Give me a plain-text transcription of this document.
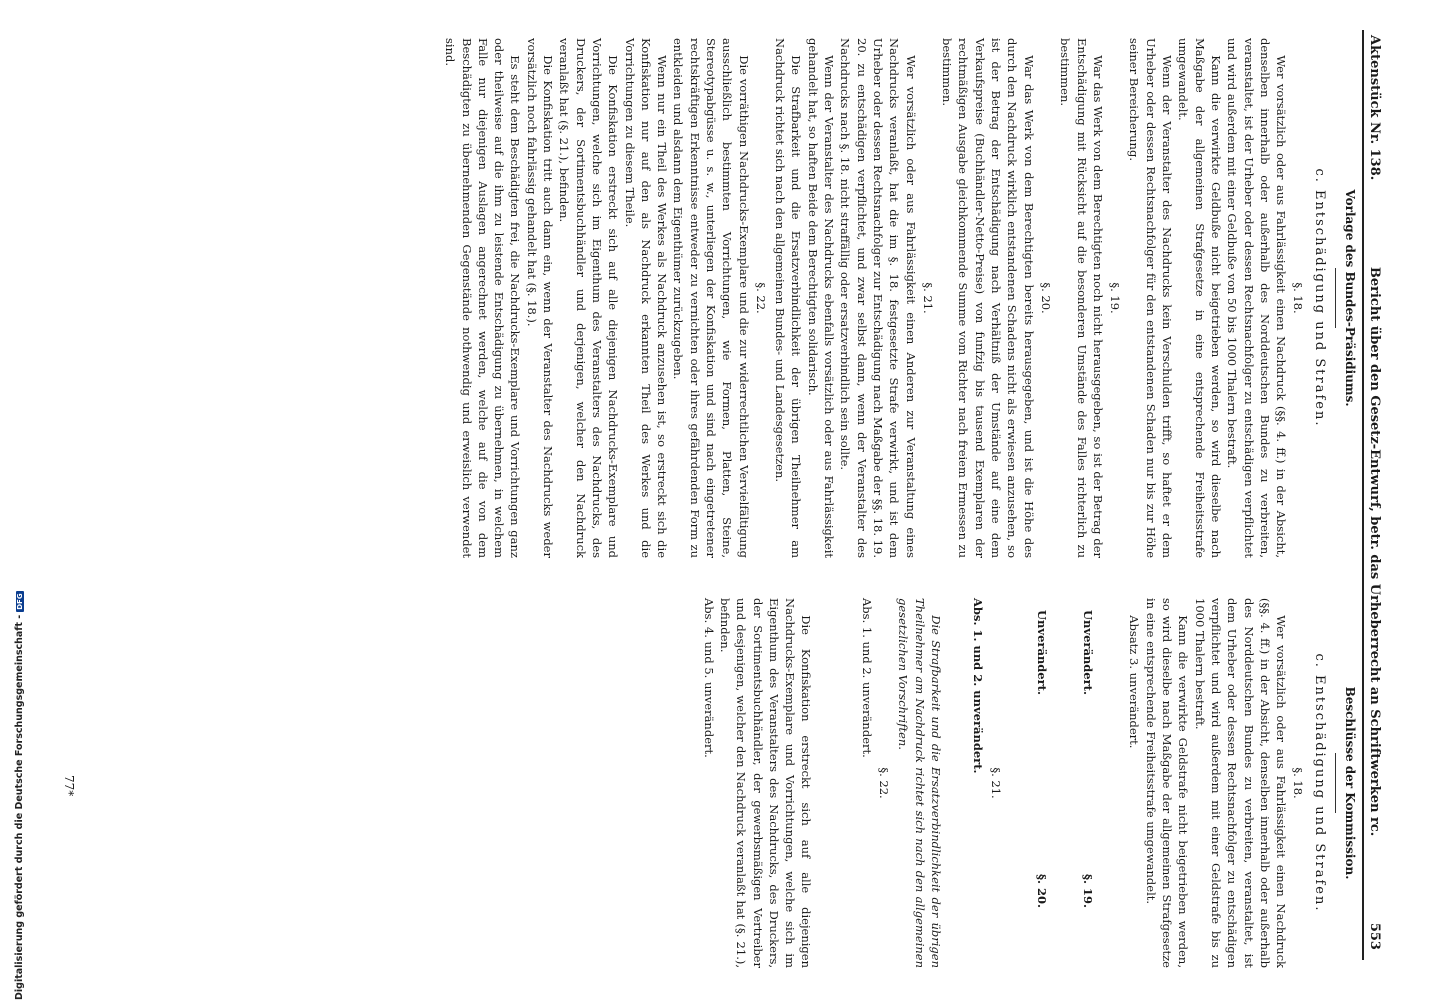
Aktenstück Nr. 138.
Bericht über den Gesetz-Entwurf, betr. das Urheberrecht an Schriftwerken rc.
553
Vorlage des Bundes-Präsidiums.
c. Entschädigung und Strafen.
§. 18.

Wer vorsätzlich oder aus Fahrlässigkeit einen Nachdruck (§§. 4. ff.) in der Absicht, denselben innerhalb oder außerhalb des Norddeutschen Bundes zu verbreiten, veranstaltet, ist der Urheber oder dessen Rechtsnachfolger zu entschädigen verpflichtet und wird außerdem mit einer Geldbuße von 50 bis 1000 Thalern bestraft.

Kann die verwirkte Geldbuße nicht beigetrieben werden, so wird dieselbe nach Maßgabe der allgemeinen Strafgesetze in eine entsprechende Freiheitsstrafe umgewandelt.

Wenn der Veranstalter des Nachdrucks kein Verschulden trifft, so haftet er dem Urheber oder dessen Rechtsnachfolger für den entstandenen Schaden nur bis zur Höhe seiner Bereicherung.

§. 19.

War das Werk von dem Berechtigten noch nicht herausgegeben, so ist der Betrag der Entschädigung mit Rücksicht auf die besonderen Umstände des Falles richterlich zu bestimmen.

§. 20.

War das Werk von dem Berechtigten bereits herausgegeben, und ist die Höhe des durch den Nachdruck wirklich entstandenen Schadens nicht als erwiesen anzusehen, so ist der Betrag der Entschädigung nach Verhältniß der Umstände auf eine dem Verkaufspreise (Buchhändler-Netto-Preise) von funfzig bis tausend Exemplaren der rechtmäßigen Ausgabe gleichkommende Summe vom Richter nach freiem Ermessen zu bestimmen.

§. 21.

Wer vorsätzlich oder aus Fahrlässigkeit einen Anderen zur Veranstaltung eines Nachdrucks veranlaßt, hat die im §. 18. festgesetzte Strafe verwirkt, und ist dem Urheber oder dessen Rechtsnachfolger zur Entschädigung nach Maßgabe der §§. 18. 19. 20. zu entschädigen verpflichtet, und zwar selbst dann, wenn der Veranstalter des Nachdrucks nach §. 18. nicht straffällig oder ersatzverbindlich sein sollte.

Wenn der Veranstalter des Nachdrucks ebenfalls vorsätzlich oder aus Fahrlässigkeit gehandelt hat, so haften Beide dem Berechtigten solidarisch.

Die Strafbarkeit und die Ersatzverbindlichkeit der übrigen Theilnehmer am Nachdruck richtet sich nach den allgemeinen Bundes- und Landesgesetzen.

§. 22.

Die vorräthigen Nachdrucks-Exemplare und die zur widerrechtlichen Vervielfältigung ausschließlich bestimmten Vorrichtungen, wie Formen, Platten, Steine, Stereotypabgüsse u. s. w., unterliegen der Konfiskation und sind nach eingetretener rechtskräftigen Erkenntnisse entweder zu vernichten oder ihres gefährdenden Form zu entkleiden und alsdann dem Eigenthümer zurückzugeben.

Wenn nur ein Theil des Werkes als Nachdruck anzusehen ist, so erstreckt sich die Konfiskation nur auf den als Nachdruck erkannten Theil des Werkes und die Vorrichtungen zu diesem Theile.

Die Konfiskation erstreckt sich auf alle diejenigen Nachdrucks-Exemplare und Vorrichtungen, welche sich im Eigenthum des Veranstalters des Nachdrucks, des Druckers, der Sortimentsbuchhändler und derjenigen, welcher den Nachdruck veranlaßt hat (§. 21.), befinden.

Die Konfiskation tritt auch dann ein, wenn der Veranstalter des Nachdrucks weder vorsätzlich noch fahrlässig gehandelt hat (§. 18.).

Es steht dem Beschädigten frei, die Nachdrucks-Exemplare und Vorrichtungen ganz oder theilweise auf die ihm zu leistende Entschädigung zu übernehmen, in welchem Falle nur diejenigen Auslagen angerechnet werden, welche auf die von dem Beschädigten zu übernehmenden Gegenstände nothwendig und erweislich verwendet sind.

Beschlüsse der Kommission.
c. Entschädigung und Strafen.
§. 18.

Wer vorsätzlich oder aus Fahrlässigkeit einen Nachdruck (§§. 4. ff.) in der Absicht, denselben innerhalb oder außerhalb des Norddeutschen Bundes zu verbreiten, veranstaltet, ist dem Urheber oder dessen Rechtsnachfolger zu entschädigen verpflichtet und wird außerdem mit einer Geldstrafe bis zu 1000 Thalern bestraft.

Kann die verwirkte Geldstrafe nicht beigetrieben werden, so wird dieselbe nach Maßgabe der allgemeinen Strafgesetze in eine entsprechende Freiheitsstrafe umgewandelt.

Absatz 3. unverändert.

Unverändert.
§. 19.
Unverändert.
§. 20.
§. 21.

Abs. 1. und 2. unverändert.

Die Strafbarkeit und die Ersatzverbindlichkeit der übrigen Theilnehmer am Nachdruck richtet sich nach den allgemeinen gesetzlichen Vorschriften.

§. 22.

Abs. 1. und 2. unverändert.

Die Konfiskation erstreckt sich auf alle diejenigen Nachdrucks-Exemplare und Vorrichtungen, welche sich im Eigenthum des Veranstalters des Nachdrucks, des Druckers, der Sortimentsbuchhändler, der gewerbsmäßigen Vertreiber und desjenigen, welcher den Nachdruck veranlaßt hat (§. 21.), befinden.

Abs. 4. und 5. unverändert.

77*
Digitalisierung gefördert durch die Deutsche Forschungsgemeinschaft -DFG
